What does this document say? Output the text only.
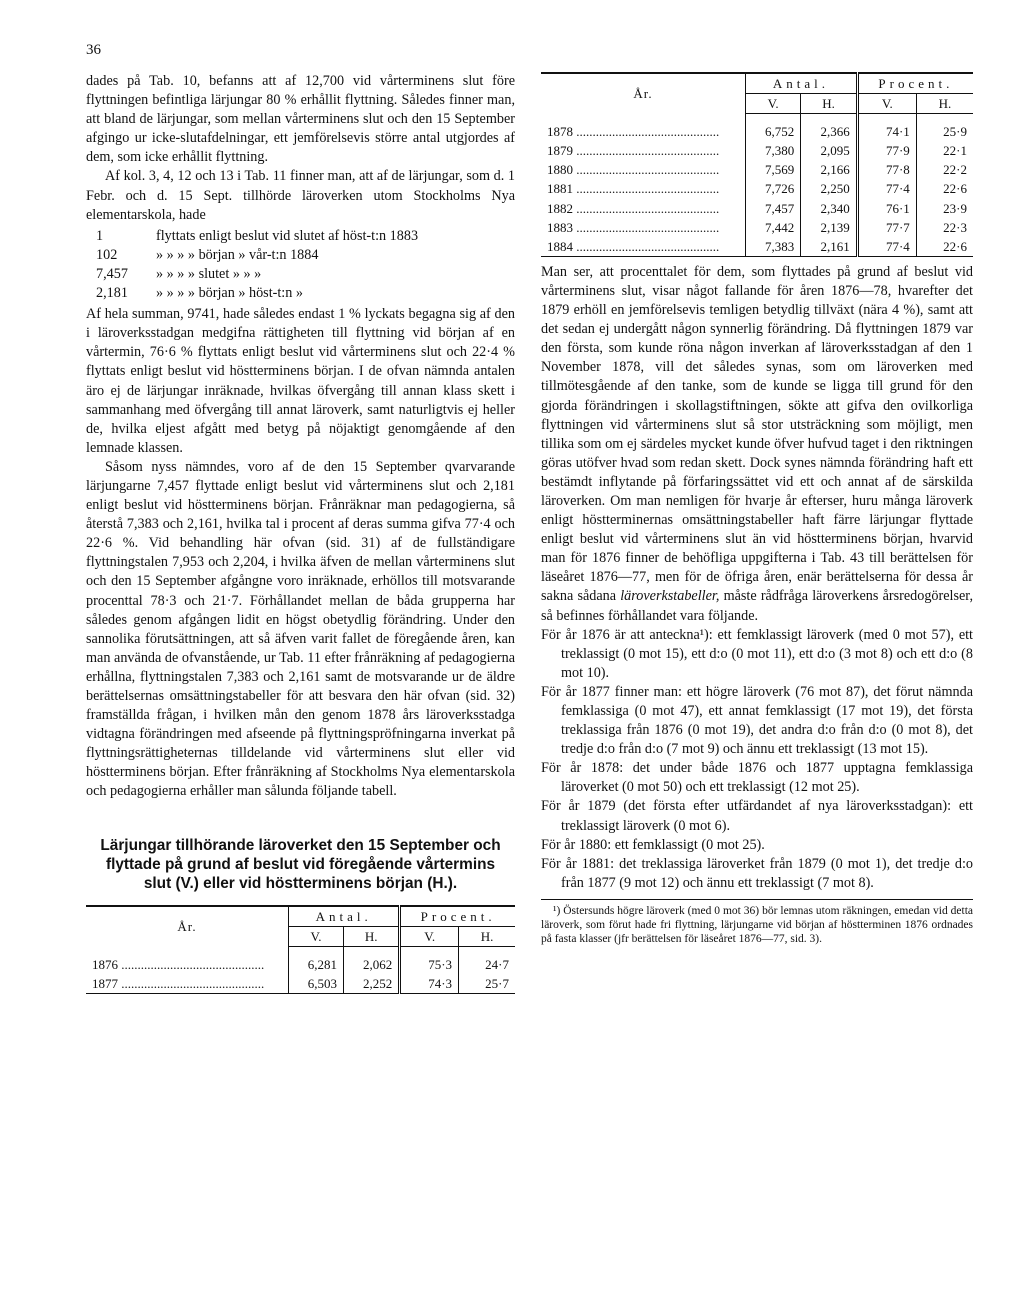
36

dades på Tab. 10, befanns att af 12,700 vid vårterminens slut före flyttningen befintliga lärjungar 80 % erhållit flyttning. Således finner man, att bland de lärjungar, som mellan vårterminens slut och den 15 September afgingo ur icke-slutafdelningar, ett jemförelsevis större antal utgjordes af dem, som icke erhållit flyttning.

Af kol. 3, 4, 12 och 13 i Tab. 11 finner man, att af de lärjungar, som d. 1 Febr. och d. 15 Sept. tillhörde läroverken utom Stockholms Nya elementarskola, hade

1	flyttats enligt beslut vid slutet af höst-t:n 1883
102	» » » » början » vår-t:n 1884
7,457	» » » » slutet » » »
2,181	» » » » början » höst-t:n »

Af hela summan, 9741, hade således endast 1 % lyckats begagna sig af den i läroverksstadgan medgifna rättigheten till flyttning vid början af en vårtermin, 76·6 % flyttats enligt beslut vid vårterminens slut och 22·4 % flyttats enligt beslut vid höstterminens början. I de ofvan nämnda antalen äro ej de lärjungar inräknade, hvilkas öfvergång till annan klass skett i sammanhang med öfvergång till annat läroverk, samt naturligtvis ej heller de, hvilka eljest afgått med betyg på nöjaktigt genomgående af den lemnade klassen.

Såsom nyss nämndes, voro af de den 15 September qvarvarande lärjungarne 7,457 flyttade enligt beslut vid vårterminens slut och 2,181 enligt beslut vid höstterminens början. Frånräknar man pedagogierna, så återstå 7,383 och 2,161, hvilka tal i procent af deras summa gifva 77·4 och 22·6 %. Vid behandling här ofvan (sid. 31) af de fullständigare flyttningstalen 7,953 och 2,204, i hvilka äfven de mellan vårterminens slut och den 15 September afgångne voro inräknade, erhöllos till motsvarande procenttal 78·3 och 21·7. Förhållandet mellan de båda grupperna har således genom afgången lidit en högst obetydlig förändring. Under den sannolika förutsättningen, att så äfven varit fallet de föregående åren, kan man använda de ofvanstående, ur Tab. 11 efter frånräkning af pedagogierna erhållna, flyttningstalen 7,383 och 2,161 samt de motsvarande ur de äldre berättelsernas omsättningstabeller för att besvara den här ofvan (sid. 32) framställda frågan, i hvilken mån den genom 1878 års läroverksstadga vidtagna förändringen med afseende på flyttningspröfningarna inverkat på flyttningsrättigheternas tilldelande vid vårterminens slut eller vid höstterminens början. Efter frånräkning af Stockholms Nya elementarskola och pedagogierna erhåller man sålunda följande tabell.

Lärjungar tillhörande läroverket den 15 September och flyttade på grund af beslut vid föregående vårtermins slut (V.) eller vid höstterminens början (H.).
År.	Antal.		Procent.	
	V.	H.	V.	H.
1876 .....	6,281	2,062	75·3	24·7
1877 .....	6,503	2,252	74·3	25·7
År.	Antal.		Procent.	
	V.	H.	V.	H.
1878 .....	6,752	2,366	74·1	25·9
1879 .....	7,380	2,095	77·9	22·1
1880 .....	7,569	2,166	77·8	22·2
1881 .....	7,726	2,250	77·4	22·6
1882 .....	7,457	2,340	76·1	23·9
1883 .....	7,442	2,139	77·7	22·3
1884 .....	7,383	2,161	77·4	22·6

Man ser, att procenttalet för dem, som flyttades på grund af beslut vid vårterminens slut, visar något fallande för åren 1876—78, hvarefter det 1879 erhöll en jemförelsevis temligen betydlig tillväxt (nära 4 %), samt att det sedan ej undergått någon synnerlig förändring. Då flyttningen 1879 var den första, som kunde röna någon inverkan af läroverksstadgan af den 1 November 1878, vill det således synas, som om läroverken med tillmötesgående af den tanke, som de kunde se ligga till grund för den gjorda förändringen i skollagstiftningen, sökte att gifva den ovilkorliga flyttningen vid vårterminens slut så stor utsträckning som möjligt, men tillika som om ej särdeles mycket kunde öfver hufvud taget i den riktningen göras utöfver hvad som redan skett. Dock synes nämnda förändring haft ett bestämdt inflytande på förfaringssättet vid ett och annat af de särskilda läroverken. Om man nemligen för hvarje år efterser, huru många läroverk enligt höstterminernas omsättningstabeller haft färre lärjungar flyttade enligt beslut vid vårterminens slut än vid höstterminens början, hvarvid man för 1876 finner de behöfliga uppgifterna i Tab. 43 till berättelsen för läseåret 1876—77, men för de öfriga åren, enär berättelserna för dessa år sakna sådana läroverkstabeller, måste rådfråga läroverkens årsredogörelser, så befinnes förhållandet vara följande.

För år 1876 är att anteckna¹): ett femklassigt läroverk (med 0 mot 57), ett treklassigt (0 mot 15), ett d:o (0 mot 11), ett d:o (3 mot 8) och ett d:o (8 mot 10).

För år 1877 finner man: ett högre läroverk (76 mot 87), det förut nämnda femklassiga (0 mot 47), ett annat femklassigt (17 mot 19), det första treklassiga från 1876 (0 mot 19), det andra d:o från d:o (0 mot 8), det tredje d:o från d:o (7 mot 9) och ännu ett treklassigt (13 mot 15).

För år 1878: det under både 1876 och 1877 upptagna femklassiga läroverket (0 mot 50) och ett treklassigt (12 mot 25).

För år 1879 (det första efter utfärdandet af nya läroverksstadgan): ett treklassigt läroverk (0 mot 6).

För år 1880: ett femklassigt (0 mot 25).

För år 1881: det treklassiga läroverket från 1879 (0 mot 1), det tredje d:o från 1877 (9 mot 12) och ännu ett treklassigt (7 mot 8).

¹) Östersunds högre läroverk (med 0 mot 36) bör lemnas utom räkningen, emedan vid detta läroverk, som förut hade fri flyttning, lärjungarne vid början af höstterminen 1876 ordnades på fasta klasser (jfr berättelsen för läseåret 1876—77, sid. 3).
